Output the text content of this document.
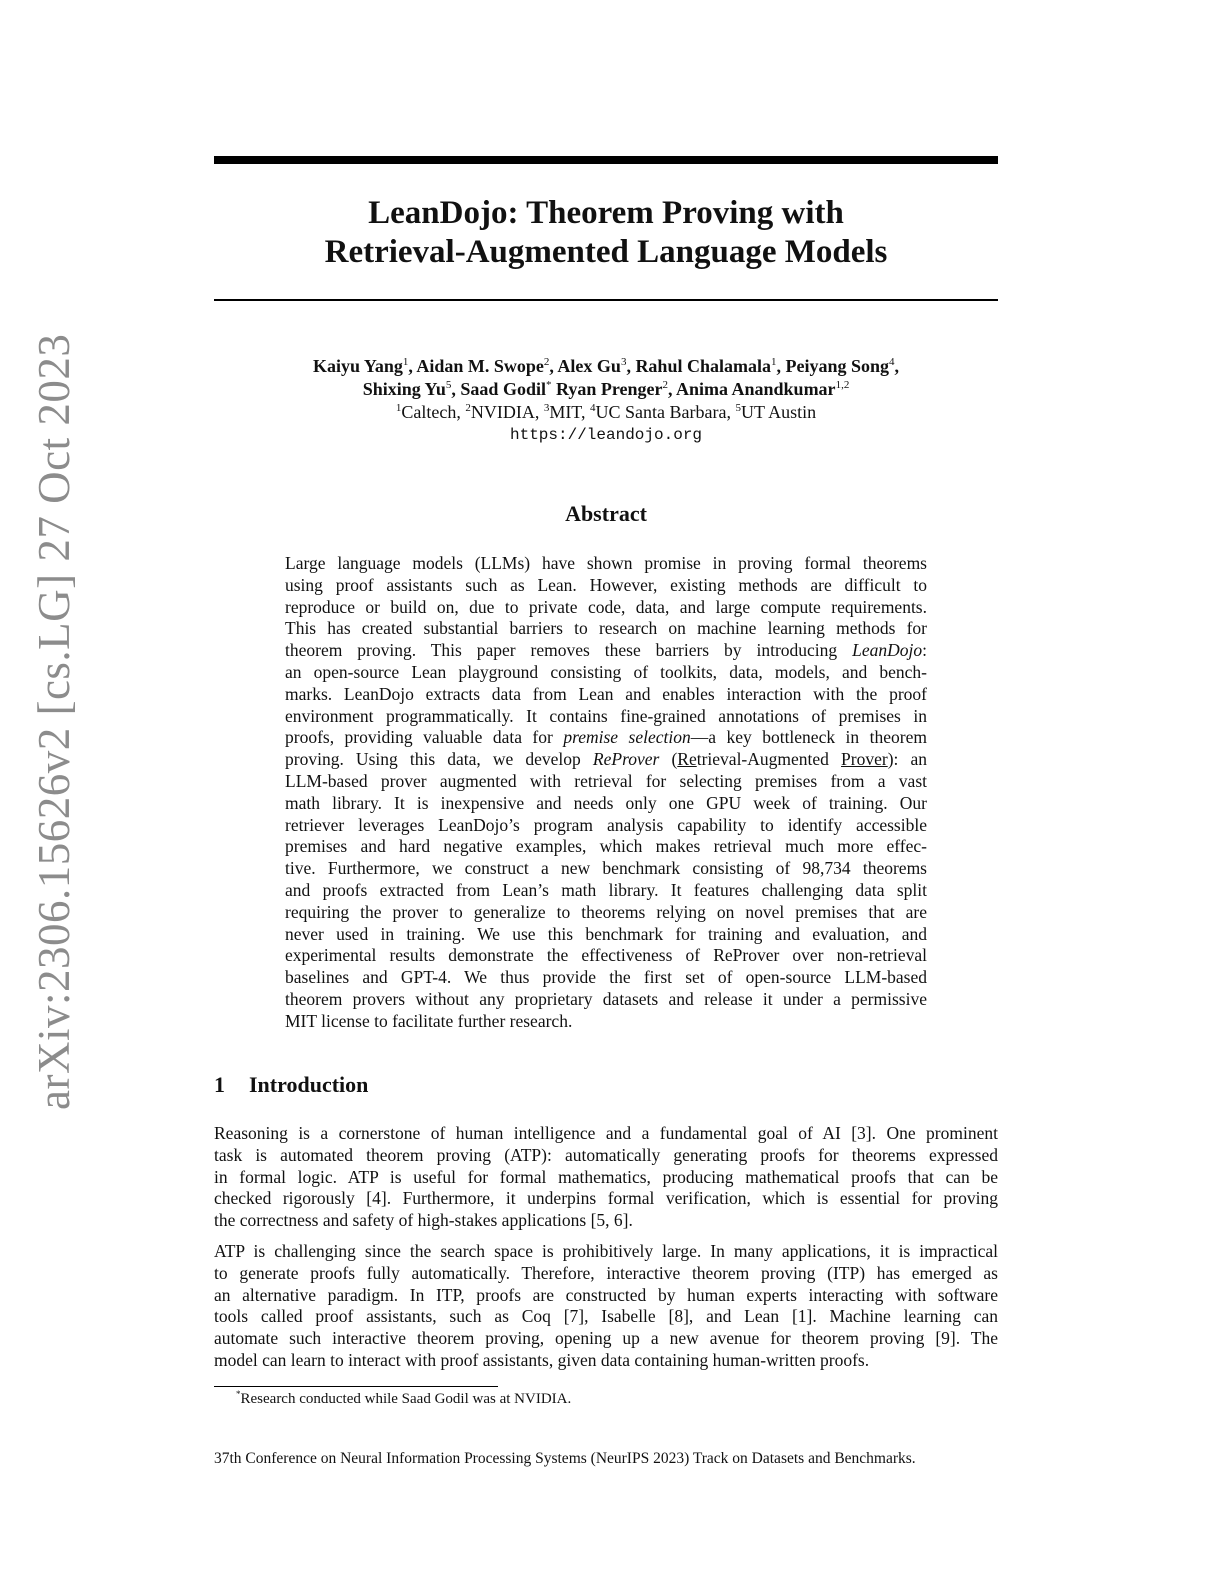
arXiv:2306.15626v2 [cs.LG] 27 Oct 2023
LeanDojo: Theorem Proving with
Retrieval-Augmented Language Models
Kaiyu Yang$^1$, Aidan M. Swope$^2$, Alex Gu$^3$, Rahul Chalamala$^1$, Peiyang Song$^4$,
Shixing Yu$^5$, Saad Godil* Ryan Prenger$^2$, Anima Anandkumar$^{1,2}$
$^1$Caltech, $^2$NVIDIA, $^3$MIT, $^4$UC Santa Barbara, $^5$UT Austin
https://leandojo.org
Abstract
Large language models (LLMs) have shown promise in proving formal theorems
using proof assistants such as Lean. However, existing methods are difficult to
reproduce or build on, due to private code, data, and large compute requirements.
This has created substantial barriers to research on machine learning methods for
theorem proving. This paper removes these barriers by introducing LeanDojo:
an open-source Lean playground consisting of toolkits, data, models, and bench-
marks. LeanDojo extracts data from Lean and enables interaction with the proof
environment programmatically. It contains fine-grained annotations of premises in
proofs, providing valuable data for premise selection—a key bottleneck in theorem
proving. Using this data, we develop ReProver (Retrieval-Augmented Prover): an
LLM-based prover augmented with retrieval for selecting premises from a vast
math library. It is inexpensive and needs only one GPU week of training. Our
retriever leverages LeanDojo’s program analysis capability to identify accessible
premises and hard negative examples, which makes retrieval much more effec-
tive. Furthermore, we construct a new benchmark consisting of 98,734 theorems
and proofs extracted from Lean’s math library. It features challenging data split
requiring the prover to generalize to theorems relying on novel premises that are
never used in training. We use this benchmark for training and evaluation, and
experimental results demonstrate the effectiveness of ReProver over non-retrieval
baselines and GPT-4. We thus provide the first set of open-source LLM-based
theorem provers without any proprietary datasets and release it under a permissive
MIT license to facilitate further research.
1 Introduction
Reasoning is a cornerstone of human intelligence and a fundamental goal of AI [3]. One prominent
task is automated theorem proving (ATP): automatically generating proofs for theorems expressed
in formal logic. ATP is useful for formal mathematics, producing mathematical proofs that can be
checked rigorously [4]. Furthermore, it underpins formal verification, which is essential for proving
the correctness and safety of high-stakes applications [5, 6].
ATP is challenging since the search space is prohibitively large. In many applications, it is impractical
to generate proofs fully automatically. Therefore, interactive theorem proving (ITP) has emerged as
an alternative paradigm. In ITP, proofs are constructed by human experts interacting with software
tools called proof assistants, such as Coq [7], Isabelle [8], and Lean [1]. Machine learning can
automate such interactive theorem proving, opening up a new avenue for theorem proving [9]. The
model can learn to interact with proof assistants, given data containing human-written proofs.
*Research conducted while Saad Godil was at NVIDIA.
37th Conference on Neural Information Processing Systems (NeurIPS 2023) Track on Datasets and Benchmarks.
